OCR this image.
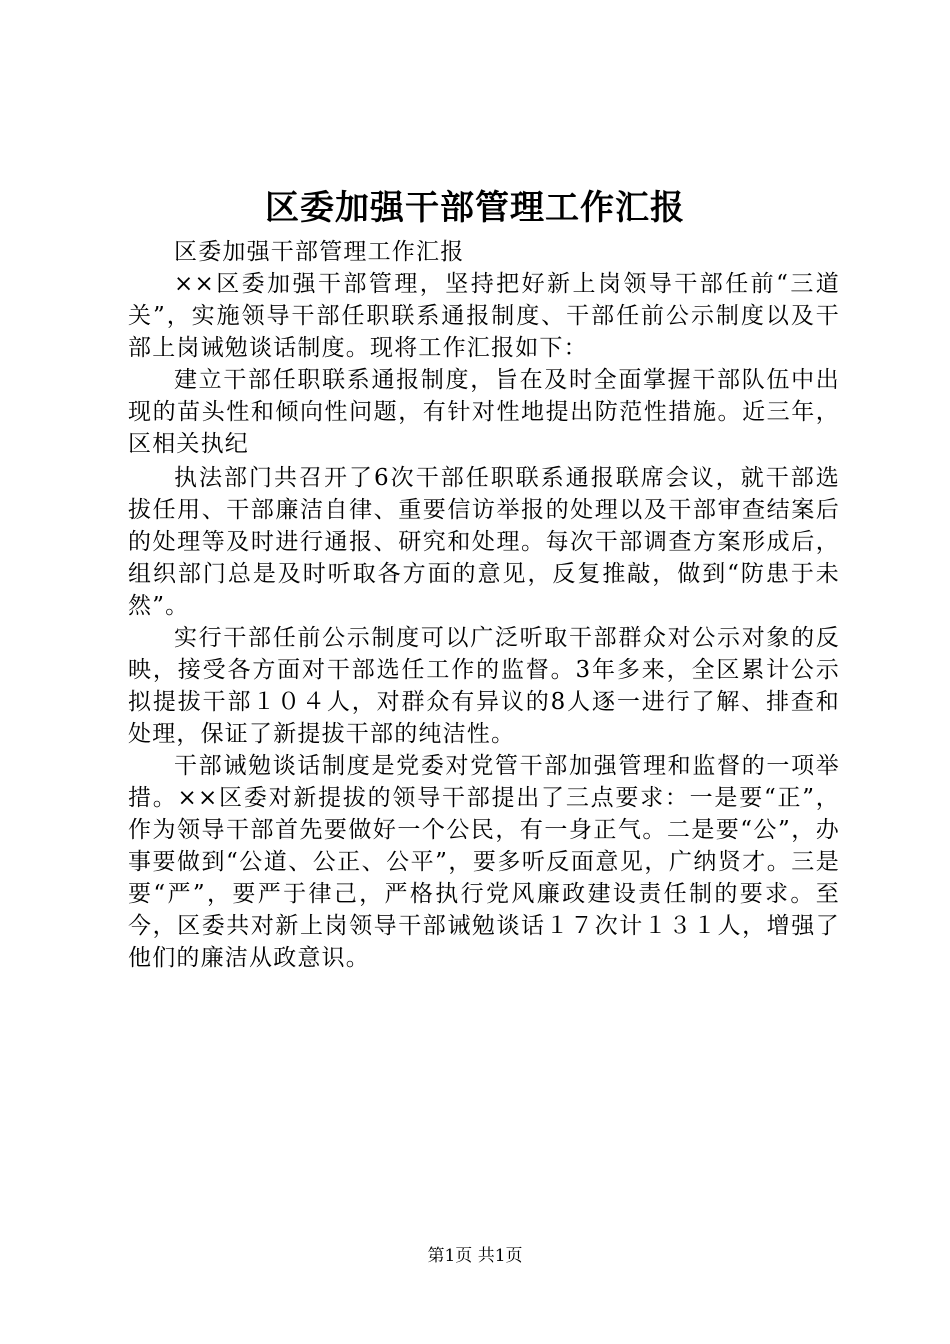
区委加强干部管理工作汇报

区委加强干部管理工作汇报

××区委加强干部管理，坚持把好新上岗领导干部任前“三道关”，实施领导干部任职联系通报制度、干部任前公示制度以及干部上岗诫勉谈话制度。现将工作汇报如下：

建立干部任职联系通报制度，旨在及时全面掌握干部队伍中出现的苗头性和倾向性问题，有针对性地提出防范性措施。近三年，区相关执纪

执法部门共召开了6次干部任职联系通报联席会议，就干部选拔任用、干部廉洁自律、重要信访举报的处理以及干部审查结案后的处理等及时进行通报、研究和处理。每次干部调查方案形成后，组织部门总是及时听取各方面的意见，反复推敲，做到“防患于未然”。

实行干部任前公示制度可以广泛听取干部群众对公示对象的反映，接受各方面对干部选任工作的监督。3年多来，全区累计公示拟提拔干部１０４人，对群众有异议的8人逐一进行了解、排查和处理，保证了新提拔干部的纯洁性。

干部诫勉谈话制度是党委对党管干部加强管理和监督的一项举措。××区委对新提拔的领导干部提出了三点要求：一是要“正”，作为领导干部首先要做好一个公民，有一身正气。二是要“公”，办事要做到“公道、公正、公平”，要多听反面意见，广纳贤才。三是要“严”，要严于律己，严格执行党风廉政建设责任制的要求。至今，区委共对新上岗领导干部诫勉谈话１７次计１３１人，增强了他们的廉洁从政意识。

第1页 共1页
